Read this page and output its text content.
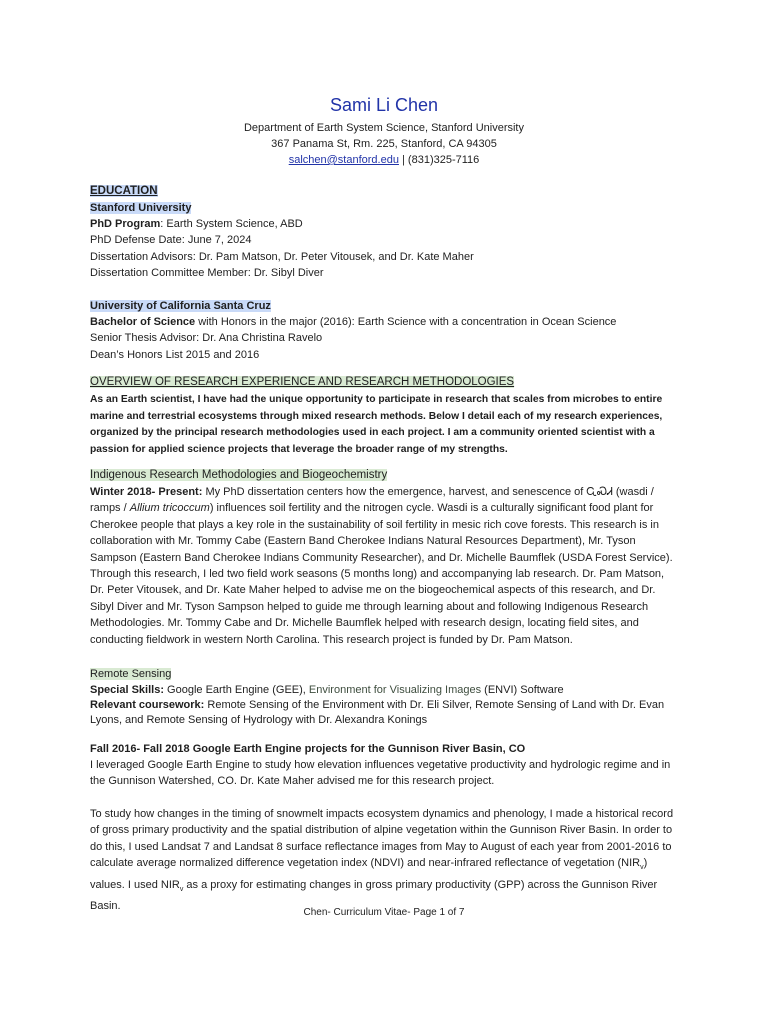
Sami Li Chen
Department of Earth System Science, Stanford University
367 Panama St, Rm. 225, Stanford, CA 94305
salchen@stanford.edu | (831)325-7116

EDUCATION

Stanford University

PhD Program: Earth System Science, ABD

PhD Defense Date: June 7, 2024

Dissertation Advisors: Dr. Pam Matson, Dr. Peter Vitousek, and Dr. Kate Maher

Dissertation Committee Member: Dr. Sibyl Diver

University of California Santa Cruz

Bachelor of Science with Honors in the major (2016): Earth Science with a concentration in Ocean Science

Senior Thesis Advisor: Dr. Ana Christina Ravelo

Dean’s Honors List 2015 and 2016

OVERVIEW OF RESEARCH EXPERIENCE AND RESEARCH METHODOLOGIES

As an Earth scientist, I have had the unique opportunity to participate in research that scales from microbes to entire marine and terrestrial ecosystems through mixed research methods. Below I detail each of my research experiences, organized by the principal research methodologies used in each project. I am a community oriented scientist with a passion for applied science projects that leverage the broader range of my strengths.

Indigenous Research Methodologies and Biogeochemistry

Winter 2018- Present: My PhD dissertation centers how the emergence, harvest, and senescence of ᏩᏍᏗ (wasdi / ramps / Allium tricoccum) influences soil fertility and the nitrogen cycle. Wasdi is a culturally significant food plant for Cherokee people that plays a key role in the sustainability of soil fertility in mesic rich cove forests. This research is in collaboration with Mr. Tommy Cabe (Eastern Band Cherokee Indians Natural Resources Department), Mr. Tyson Sampson (Eastern Band Cherokee Indians Community Researcher), and Dr. Michelle Baumflek (USDA Forest Service). Through this research, I led two field work seasons (5 months long) and accompanying lab research. Dr. Pam Matson, Dr. Peter Vitousek, and Dr. Kate Maher helped to advise me on the biogeochemical aspects of this research, and Dr. Sibyl Diver and Mr. Tyson Sampson helped to guide me through learning about and following Indigenous Research Methodologies. Mr. Tommy Cabe and Dr. Michelle Baumflek helped with research design, locating field sites, and conducting fieldwork in western North Carolina. This research project is funded by Dr. Pam Matson.

Remote Sensing

Special Skills: Google Earth Engine (GEE), Environment for Visualizing Images (ENVI) Software

Relevant coursework: Remote Sensing of the Environment with Dr. Eli Silver, Remote Sensing of Land with Dr. Evan Lyons, and Remote Sensing of Hydrology with Dr. Alexandra Konings

Fall 2016- Fall 2018 Google Earth Engine projects for the Gunnison River Basin, CO

I leveraged Google Earth Engine to study how elevation influences vegetative productivity and hydrologic regime and in the Gunnison Watershed, CO. Dr. Kate Maher advised me for this research project.

To study how changes in the timing of snowmelt impacts ecosystem dynamics and phenology, I made a historical record of gross primary productivity and the spatial distribution of alpine vegetation within the Gunnison River Basin. In order to do this, I used Landsat 7 and Landsat 8 surface reflectance images from May to August of each year from 2001-2016 to calculate average normalized difference vegetation index (NDVI) and near-infrared reflectance of vegetation $(NIR_v)$ values. I used $NIR_v$ as a proxy for estimating changes in gross primary productivity (GPP) across the Gunnison River Basin.

Chen- Curriculum Vitae- Page 1 of 7
